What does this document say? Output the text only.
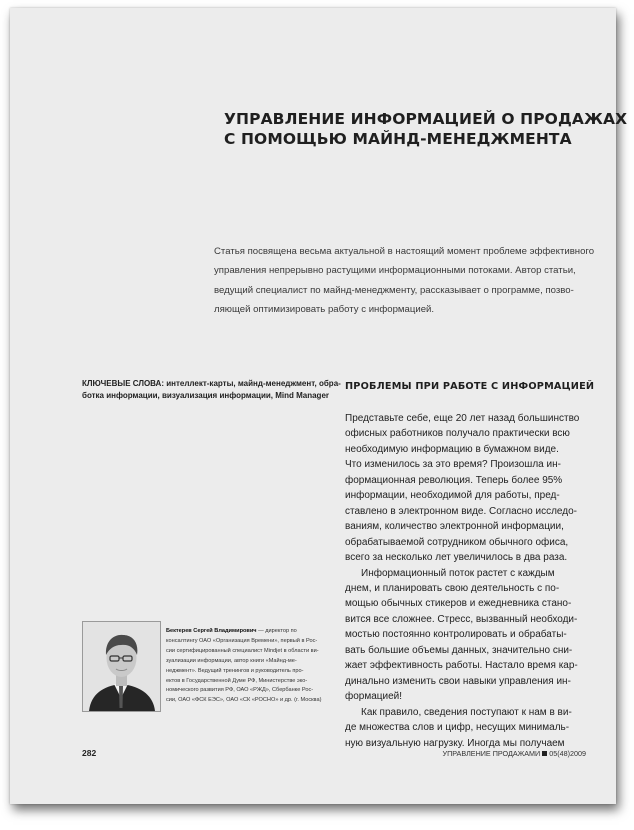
УПРАВЛЕНИЕ ИНФОРМАЦИЕЙ О ПРОДАЖАХ
С ПОМОЩЬЮ МАЙНД-МЕНЕДЖМЕНТА

Статья посвящена весьма актуальной в настоящий момент проблеме эффективного
управления непрерывно растущими информационными потоками. Автор статьи,
ведущий специалист по майнд-менеджменту, рассказывает о программе, позво-
ляющей оптимизировать работу с информацией.

КЛЮЧЕВЫЕ СЛОВА: интеллект-карты, майнд-менеджмент, обра-
ботка информации, визуализация информации, Mind Manager

ПРОБЛЕМЫ ПРИ РАБОТЕ С ИНФОРМАЦИЕЙ
Представьте себе, еще 20 лет назад большинство
офисных работников получало практически всю
необходимую информацию в бумажном виде.
Что изменилось за это время? Произошла ин-
формационная революция. Теперь более 95%
информации, необходимой для работы, пред-
ставлено в электронном виде. Согласно исследо-
ваниям, количество электронной информации,
обрабатываемой сотрудником обычного офиса,
всего за несколько лет увеличилось в два раза.
Информационный поток растет с каждым
днем, и планировать свою деятельность с по-
мощью обычных стикеров и ежедневника стано-
вится все сложнее. Стресс, вызванный необходи-
мостью постоянно контролировать и обрабаты-
вать большие объемы данных, значительно сни-
жает эффективность работы. Настало время кар-
динально изменить свои навыки управления ин-
формацией!
Как правило, сведения поступают к нам в ви-
де множества слов и цифр, несущих минималь-
ную визуальную нагрузку. Иногда мы получаем

Бектерев Сергей Владимирович — директор по
консалтингу ОАО «Организация Времени», первый в Рос-
сии сертифицированный специалист Mindjet в области ви-
зуализации информации, автор книги «Майнд-ме-
неджмент». Ведущий тренингов и руководитель про-
ектов в Государственной Думе РФ, Министерстве эко-
номического развития РФ, ОАО «РЖД», Сбербанке Рос-
сии, ОАО «ФСК ЕЭС», ОАО «СК «РОСНО» и др. (г. Москва)

282	УПРАВЛЕНИЕ ПРОДАЖАМИ 05(48)2009
